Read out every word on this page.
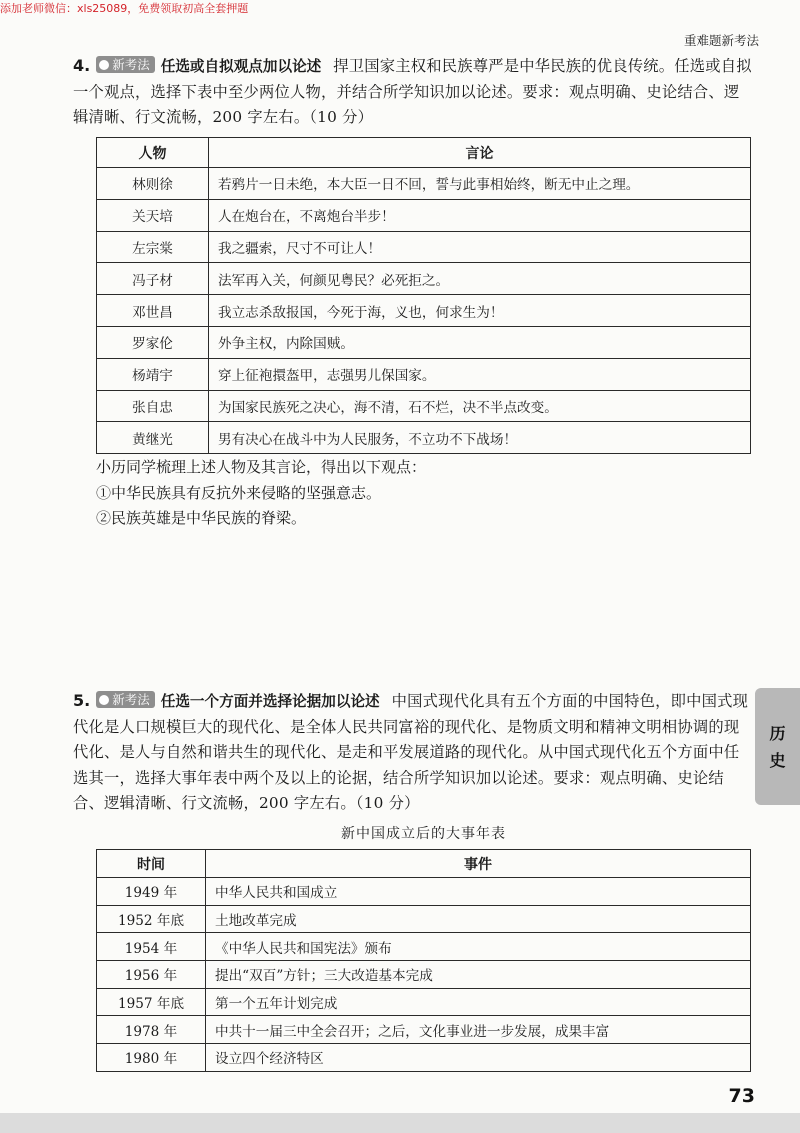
添加老师微信：xls25089，免费领取初高全套押题
重难题新考法
4. 新考法 任选或自拟观点加以论述 捍卫国家主权和民族尊严是中华民族的优良传统。任选或自拟一个观点，选择下表中至少两位人物，并结合所学知识加以论述。要求：观点明确、史论结合、逻辑清晰、行文流畅，200 字左右。（10 分）
人物	言论
林则徐	若鸦片一日未绝，本大臣一日不回，誓与此事相始终，断无中止之理。
关天培	人在炮台在，不离炮台半步！
左宗棠	我之疆索，尺寸不可让人！
冯子材	法军再入关，何颜见粤民？必死拒之。
邓世昌	我立志杀敌报国，今死于海，义也，何求生为！
罗家伦	外争主权，内除国贼。
杨靖宇	穿上征袍擐盔甲，志强男儿保国家。
张自忠	为国家民族死之决心，海不清，石不烂，决不半点改变。
黄继光	男有决心在战斗中为人民服务，不立功不下战场！
小历同学梳理上述人物及其言论，得出以下观点：
①中华民族具有反抗外来侵略的坚强意志。
②民族英雄是中华民族的脊梁。
5. 新考法 任选一个方面并选择论据加以论述 中国式现代化具有五个方面的中国特色，即中国式现代化是人口规模巨大的现代化、是全体人民共同富裕的现代化、是物质文明和精神文明相协调的现代化、是人与自然和谐共生的现代化、是走和平发展道路的现代化。从中国式现代化五个方面中任选其一，选择大事年表中两个及以上的论据，结合所学知识加以论述。要求：观点明确、史论结合、逻辑清晰、行文流畅，200 字左右。（10 分）
新中国成立后的大事年表
时间	事件
1949 年	中华人民共和国成立
1952 年底	土地改革完成
1954 年	《中华人民共和国宪法》颁布
1956 年	提出“双百”方针；三大改造基本完成
1957 年底	第一个五年计划完成
1978 年	中共十一届三中全会召开；之后，文化事业进一步发展，成果丰富
1980 年	设立四个经济特区
历
史
73
